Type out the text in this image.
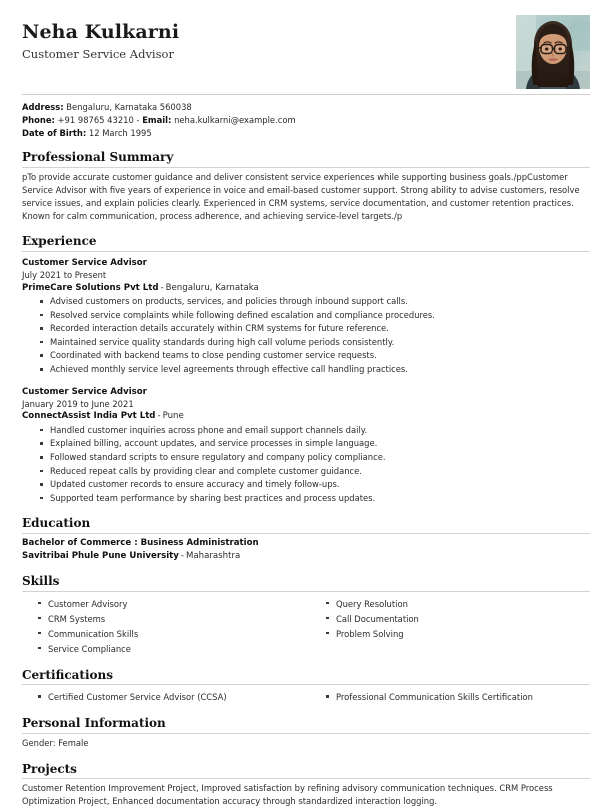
Neha Kulkarni
Customer Service Advisor
Address: Bengaluru, Karnataka 560038
Phone: +91 98765 43210 - Email: neha.kulkarni@example.com
Date of Birth: 12 March 1995
Professional Summary

pTo provide accurate customer guidance and deliver consistent service experiences while supporting business goals./ppCustomer Service Advisor with five years of experience in voice and email-based customer support. Strong ability to advise customers, resolve service issues, and explain policies clearly. Experienced in CRM systems, service documentation, and customer retention practices. Known for calm communication, process adherence, and achieving service-level targets./p

Experience
Customer Service Advisor
July 2021 to Present
PrimeCare Solutions Pvt Ltd - Bengaluru, Karnataka
Advised customers on products, services, and policies through inbound support calls.
Resolved service complaints while following defined escalation and compliance procedures.
Recorded interaction details accurately within CRM systems for future reference.
Maintained service quality standards during high call volume periods consistently.
Coordinated with backend teams to close pending customer service requests.
Achieved monthly service level agreements through effective call handling practices.
Customer Service Advisor
January 2019 to June 2021
ConnectAssist India Pvt Ltd - Pune
Handled customer inquiries across phone and email support channels daily.
Explained billing, account updates, and service processes in simple language.
Followed standard scripts to ensure regulatory and company policy compliance.
Reduced repeat calls by providing clear and complete customer guidance.
Updated customer records to ensure accuracy and timely follow-ups.
Supported team performance by sharing best practices and process updates.
Education
Bachelor of Commerce : Business Administration
Savitribai Phule Pune University - Maharashtra
Skills
Customer Advisory
CRM Systems
Communication Skills
Service Compliance
Query Resolution
Call Documentation
Problem Solving
Certifications
Certified Customer Service Advisor (CCSA)	Professional Communication Skills Certification
Personal Information
Gender: Female
Projects

Customer Retention Improvement Project, Improved satisfaction by refining advisory communication techniques. CRM Process Optimization Project, Enhanced documentation accuracy through standardized interaction logging.
